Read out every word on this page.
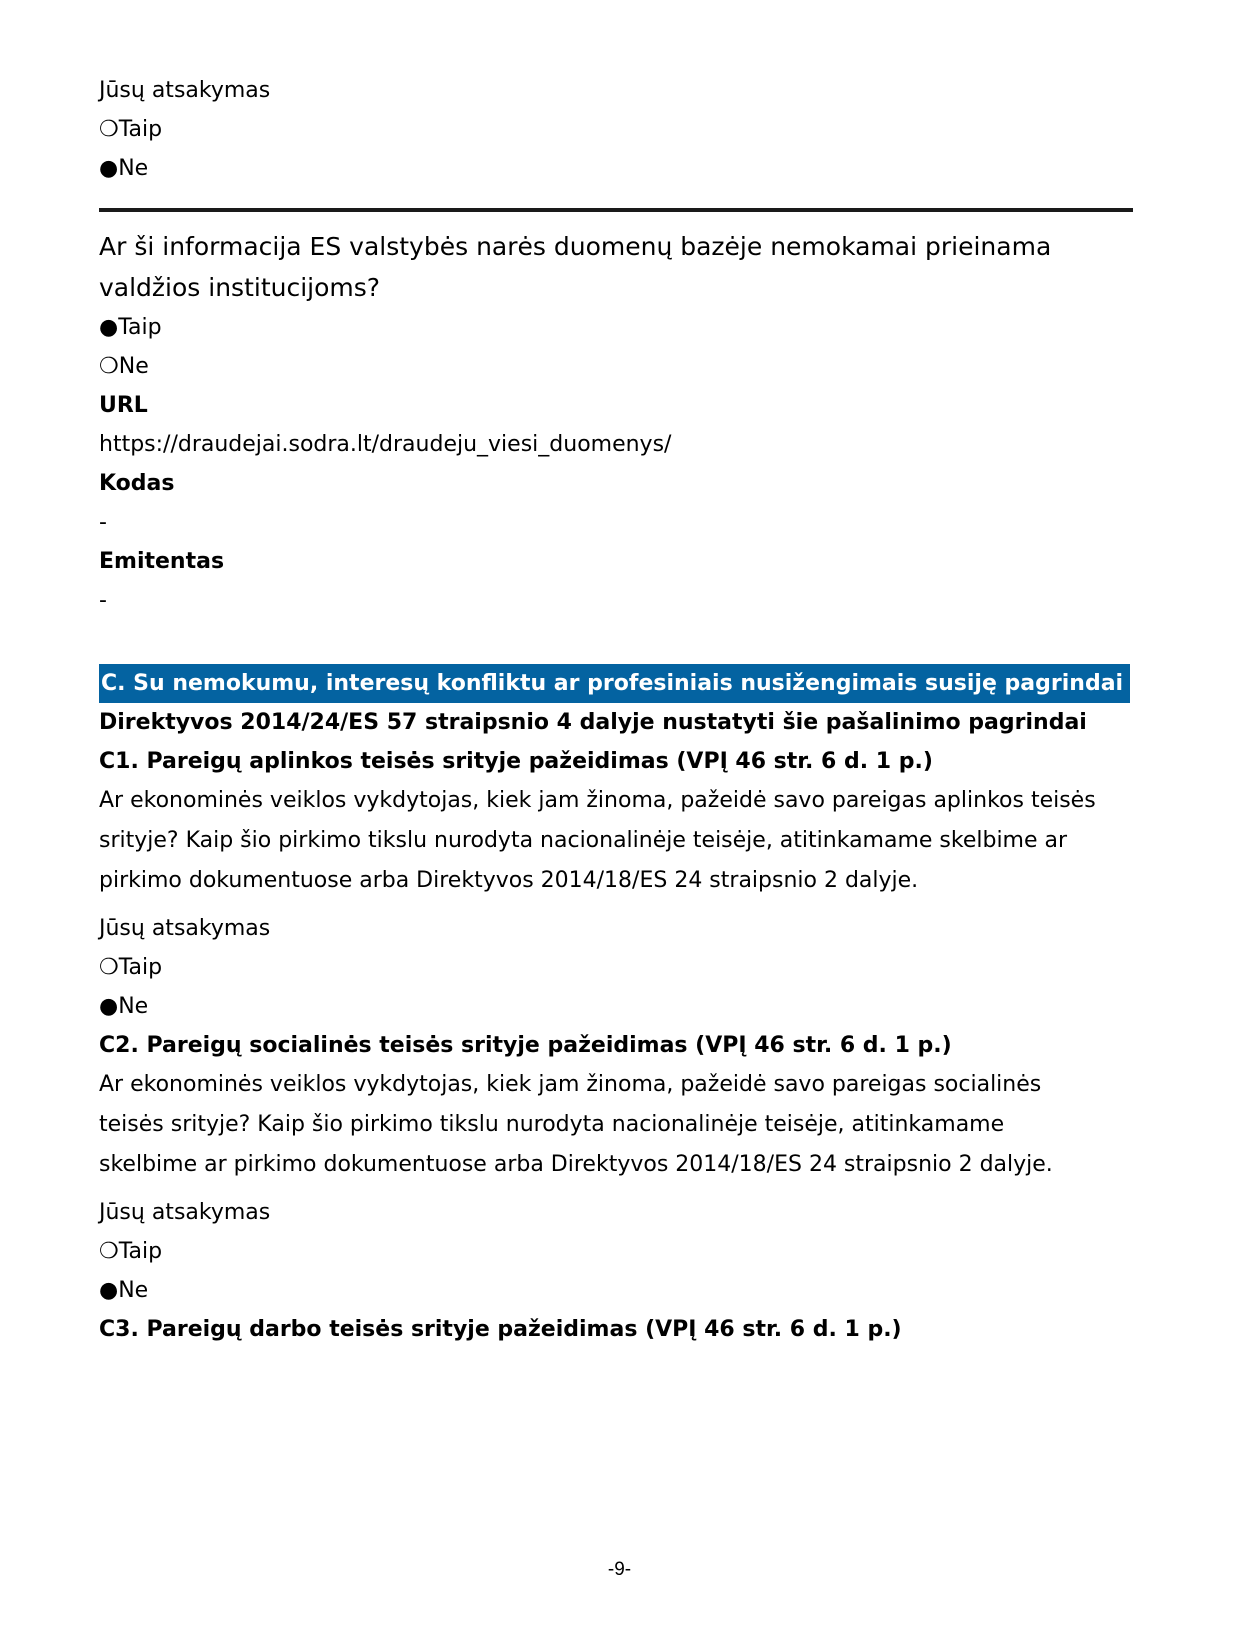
Jūsų atsakymas
❍Taip
●Ne
Ar ši informacija ES valstybės narės duomenų bazėje nemokamai prieinama valdžios institucijoms?
●Taip
❍Ne
URL
https://draudejai.sodra.lt/draudeju_viesi_duomenys/
Kodas
-
Emitentas
-
C. Su nemokumu, interesų konfliktu ar profesiniais nusižengimais susiję pagrindai
Direktyvos 2014/24/ES 57 straipsnio 4 dalyje nustatyti šie pašalinimo pagrindai
C1. Pareigų aplinkos teisės srityje pažeidimas (VPĮ 46 str. 6 d. 1 p.)
Ar ekonominės veiklos vykdytojas, kiek jam žinoma, pažeidė savo pareigas aplinkos teisės srityje? Kaip šio pirkimo tikslu nurodyta nacionalinėje teisėje, atitinkamame skelbime ar pirkimo dokumentuose arba Direktyvos 2014/18/ES 24 straipsnio 2 dalyje.
Jūsų atsakymas
❍Taip
●Ne
C2. Pareigų socialinės teisės srityje pažeidimas (VPĮ 46 str. 6 d. 1 p.)
Ar ekonominės veiklos vykdytojas, kiek jam žinoma, pažeidė savo pareigas socialinės teisės srityje? Kaip šio pirkimo tikslu nurodyta nacionalinėje teisėje, atitinkamame skelbime ar pirkimo dokumentuose arba Direktyvos 2014/18/ES 24 straipsnio 2 dalyje.
Jūsų atsakymas
❍Taip
●Ne
C3. Pareigų darbo teisės srityje pažeidimas (VPĮ 46 str. 6 d. 1 p.)
-9-
